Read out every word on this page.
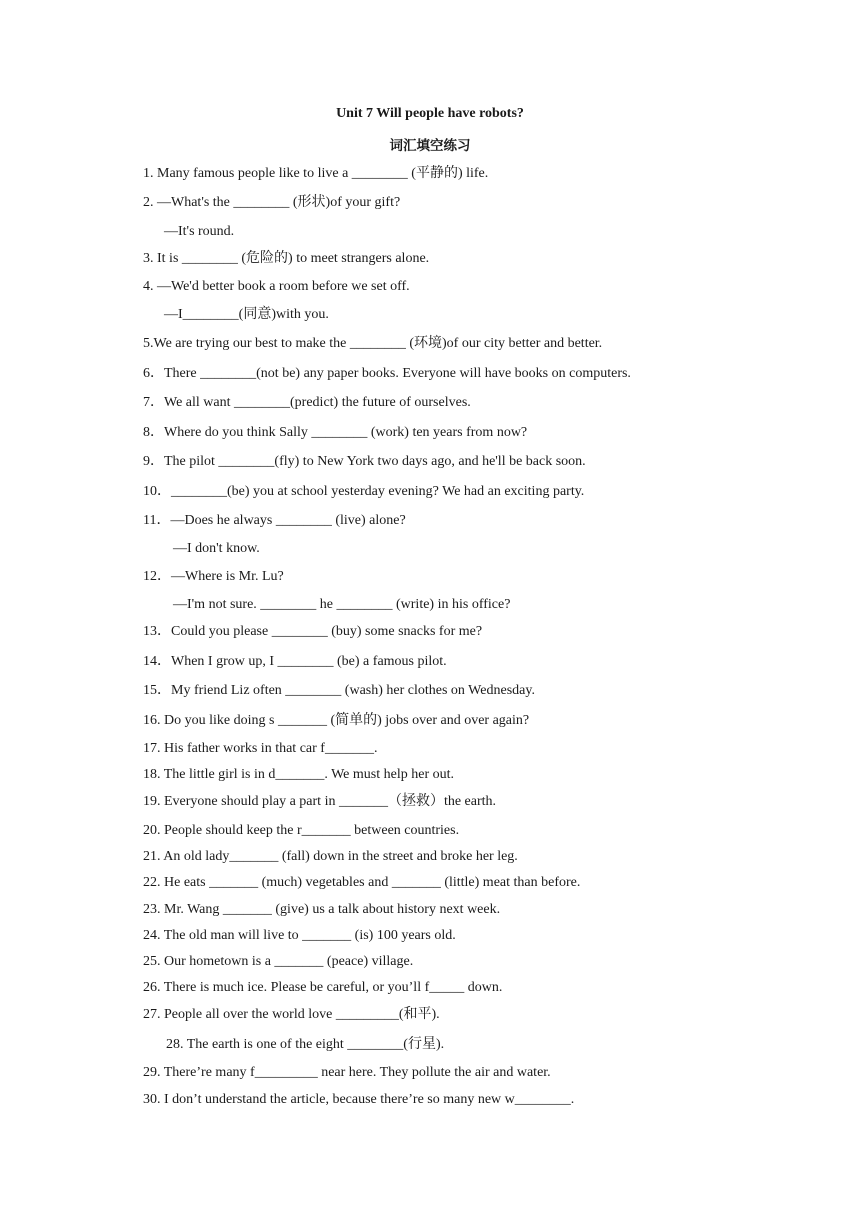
Unit 7 Will people have robots?
词汇填空练习
1. Many famous people like to live a ________ (平静的) life.
2. —What's the ________ (形状)of your gift?
—It's round.
3. It is ________ (危险的) to meet strangers alone.
4. —We'd better book a room before we set off.
—I________(同意)with you.
5.We are trying our best to make the ________ (环境)of our city better and better.
6．There ________(not be) any paper books. Everyone will have books on computers.
7．We all want ________(predict) the future of ourselves.
8．Where do you think Sally ________ (work) ten years from now?
9．The pilot ________(fly) to New York two days ago, and he'll be back soon.
10．________(be) you at school yesterday evening? We had an exciting party.
11．—Does he always ________ (live) alone?
—I don't know.
12．—Where is Mr. Lu?
—I'm not sure. ________ he ________ (write) in his office?
13．Could you please ________ (buy) some snacks for me?
14．When I grow up, I ________ (be) a famous pilot.
15．My friend Liz often ________ (wash) her clothes on Wednesday.
16. Do you like doing s _______ (简单的) jobs over and over again?
17. His father works in that car f_______.
18. The little girl is in d_______. We must help her out.
19. Everyone should play a part in _______（拯救）the earth.
20. People should keep the r_______ between countries.
21. An old lady_______ (fall) down in the street and broke her leg.
22. He eats _______ (much) vegetables and _______ (little) meat than before.
23. Mr. Wang _______ (give) us a talk about history next week.
24. The old man will live to _______ (is) 100 years old.
25. Our hometown is a _______ (peace) village.
26. There is much ice. Please be careful, or you’ll f_____ down.
27. People all over the world love _________(和平).
28. The earth is one of the eight ________(行星).
29. There’re many f_________ near here. They pollute the air and water.
30. I don’t understand the article, because there’re so many new w________.
